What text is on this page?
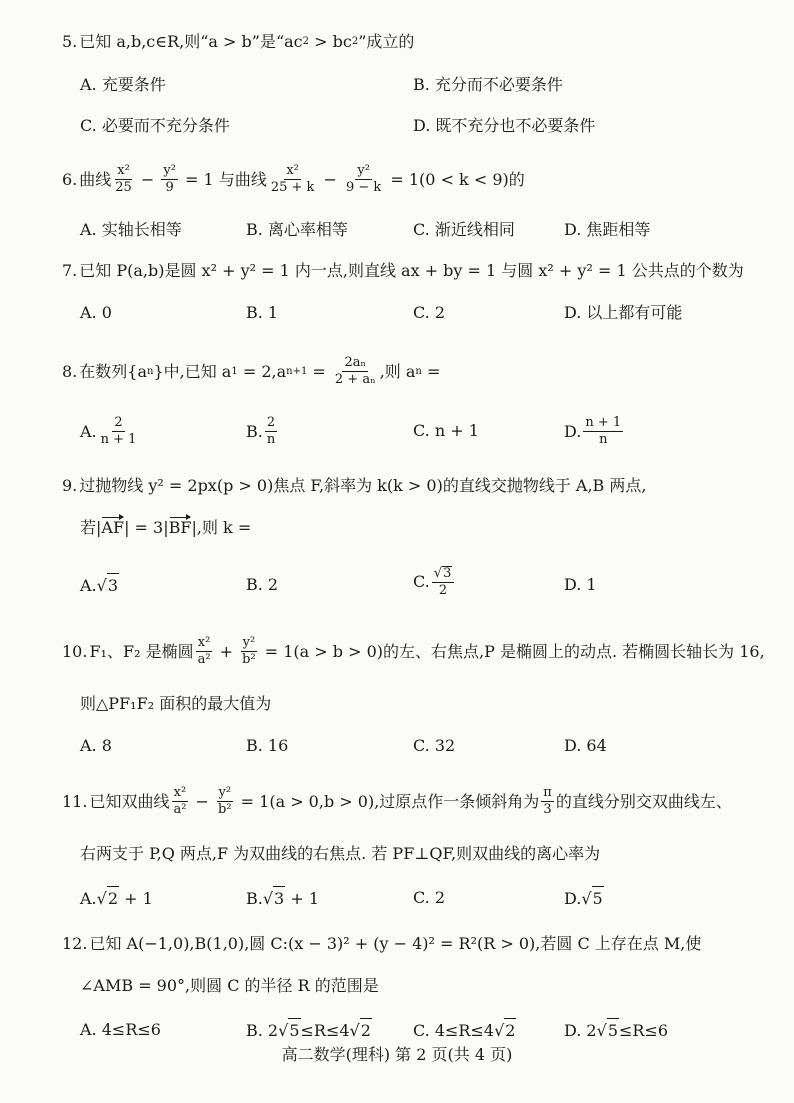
5. 已知 a,b,c∈R,则“a > b”是“ac 2 > bc 2 ”成立的
A. 充要条件	B. 充分而不必要条件
C. 必要而不充分条件	D. 既不充分也不必要条件
6. 曲线 $\frac{\text{x²}}{25} - \frac{\text{y²}}{9} = 1$ 与曲线 $\frac{\text{x²}}{25 + k} - \frac{\text{y²}}{9 - k} = 1(0 < k < 9)$的
A. 实轴长相等	B. 离心率相等	C. 渐近线相同	D. 焦距相等
7. 已知 P(a,b)是圆 x² + y² = 1 内一点,则直线 ax + by = 1 与圆 x² + y² = 1 公共点的个数为
A. 0	B. 1	C. 2	D. 以上都有可能
8. 在数列{a n }中,已知 a 1 = 2,a $n+1 = \frac{\text{2aₙ}}{\text{2 + aₙ}}$ ,则 a n =
A. $\frac{2}{n + 1}$	B. $\frac{2}{n}$	C. n + 1	D. $\frac{n + 1}{n}$
9. 过抛物线 y² = 2px(p > 0)焦点 F,斜率为 k(k > 0)的直线交抛物线于 A,B 两点,
若| AF | = 3| BF |,则 k =
A. √ 3	B. 2	C. $\frac{√ 3}{2}$	D. 1
10. F₁、F₂ 是椭圆 $\frac{\text{x²}}{\text{a²}} + \frac{\text{y²}}{\text{b²}} = 1(a > b > 0)$的左、右焦点,P 是椭圆上的动点. 若椭圆长轴长为 16,
则△PF₁F₂ 面积的最大值为
A. 8	B. 16	C. 32	D. 64
11. 已知双曲线 $\frac{\text{x²}}{\text{a²}} - \frac{\text{y²}}{\text{b²}} = 1(a > 0,b > 0)$,过原点作一条倾斜角为 $\frac{\pi}{3}$ 的直线分别交双曲线左、
右两支于 P,Q 两点,F 为双曲线的右焦点. 若 PF⊥QF,则双曲线的离心率为
A. √ 2 + 1	B. √ 3 + 1	C. 2	D. √ 5
12. 已知 A(−1,0),B(1,0),圆 C:(x − 3)² + (y − 4)² = R²(R > 0),若圆 C 上存在点 M,使
∠AMB = 90°,则圆 C 的半径 R 的范围是
A. 4≤R≤6	B. 2 √ 5 ≤R≤4 √ 2	C. 4≤R≤4 √ 2	D. 2 √ 5 ≤R≤6
高二数学(理科) 第 2 页(共 4 页)
